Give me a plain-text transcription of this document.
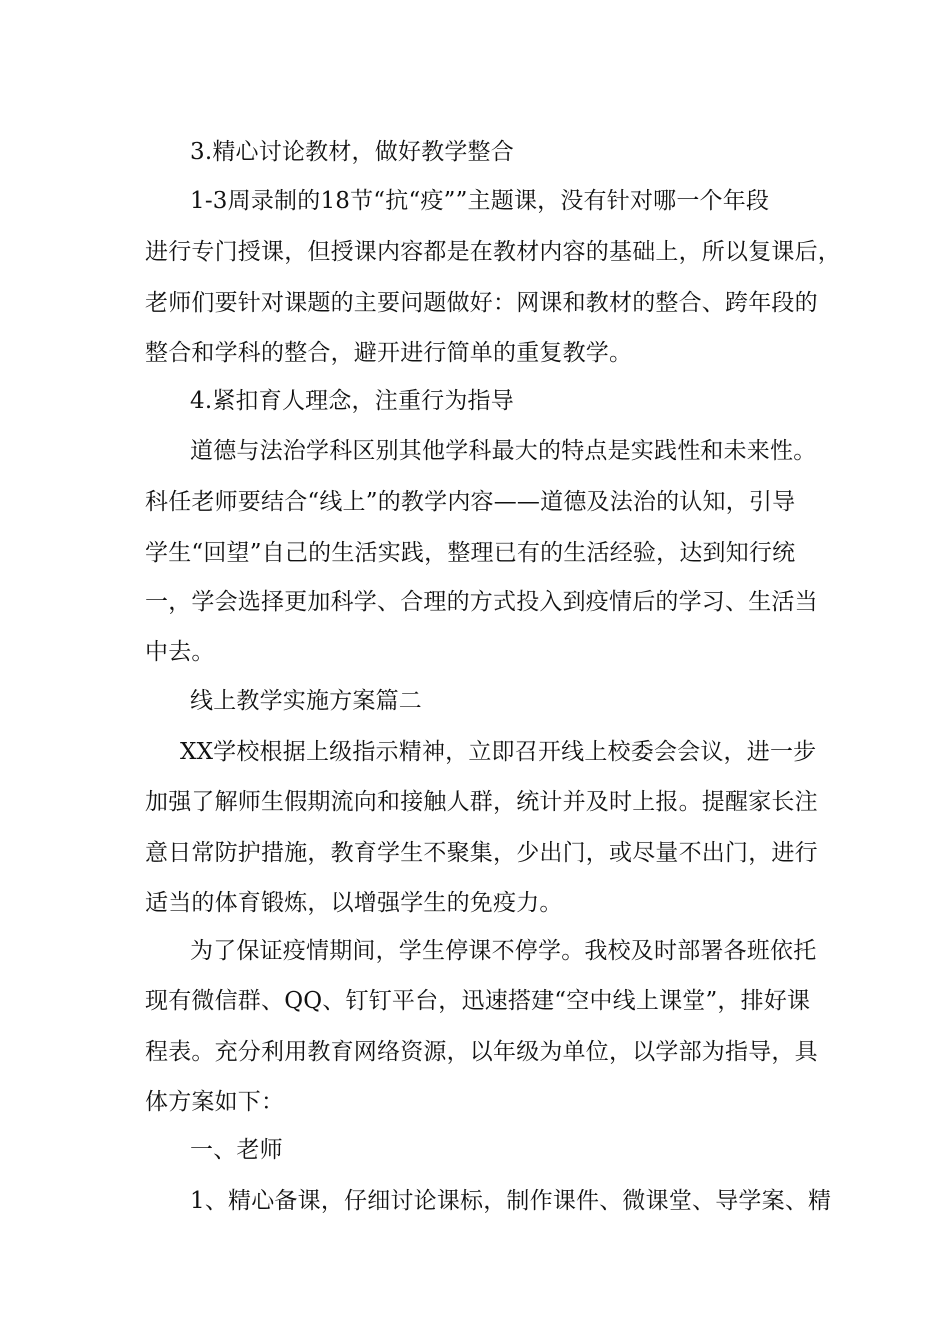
3.精心讨论教材，做好教学整合
1-3周录制的18节“抗“疫””主题课，没有针对哪一个年段
进行专门授课，但授课内容都是在教材内容的基础上，所以复课后，
老师们要针对课题的主要问题做好：网课和教材的整合、跨年段的
整合和学科的整合，避开进行简单的重复教学。
4.紧扣育人理念，注重行为指导
道德与法治学科区别其他学科最大的特点是实践性和未来性。
科任老师要结合“线上”的教学内容——道德及法治的认知，引导
学生“回望”自己的生活实践，整理已有的生活经验，达到知行统
一，学会选择更加科学、合理的方式投入到疫情后的学习、生活当
中去。
线上教学实施方案篇二
XX学校根据上级指示精神，立即召开线上校委会会议，进一步
加强了解师生假期流向和接触人群，统计并及时上报。提醒家长注
意日常防护措施，教育学生不聚集，少出门，或尽量不出门，进行
适当的体育锻炼，以增强学生的免疫力。
为了保证疫情期间，学生停课不停学。我校及时部署各班依托
现有微信群、QQ、钉钉平台，迅速搭建“空中线上课堂”，排好课
程表。充分利用教育网络资源，以年级为单位，以学部为指导，具
体方案如下：
一、老师
1、精心备课，仔细讨论课标，制作课件、微课堂、导学案、精
